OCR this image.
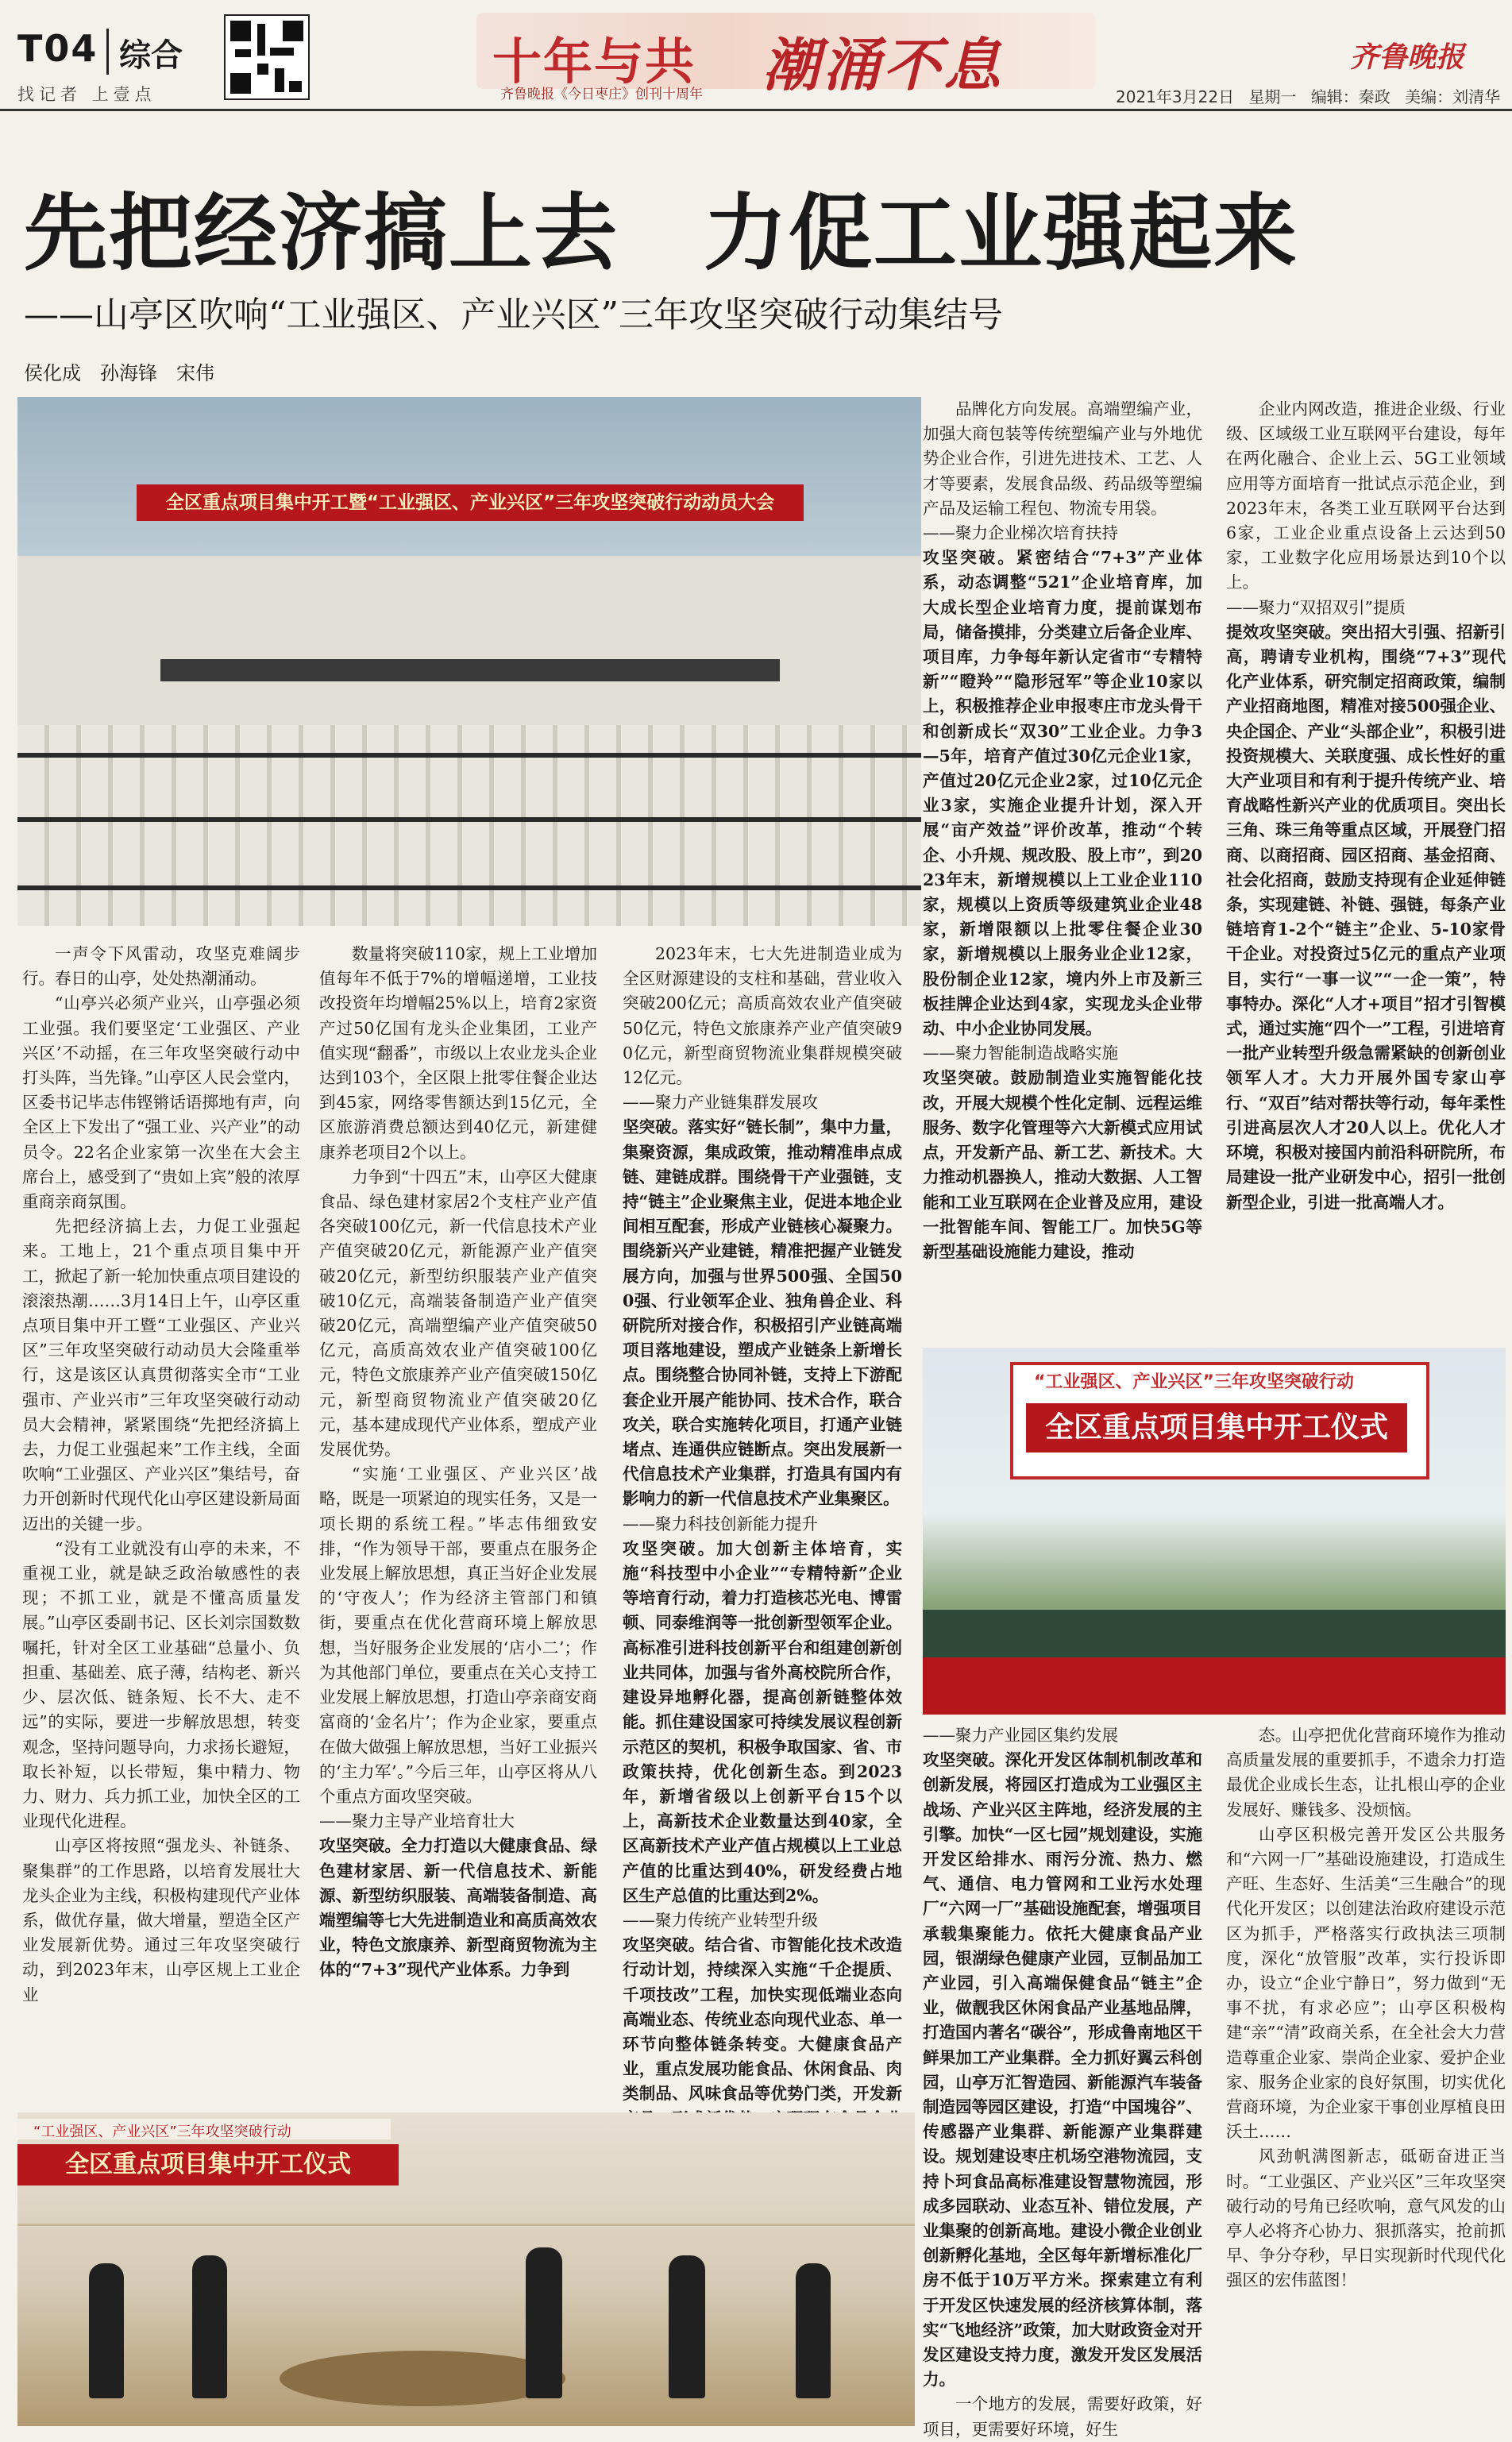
T04 综合
找记者 上壹点
十年与共 潮涌不息
齐鲁晚报《今日枣庄》创刊十周年
齐鲁晚报
2021年3月22日 星期一 编辑：秦政 美编：刘清华
先把经济搞上去　力促工业强起来
——山亭区吹响“工业强区、产业兴区”三年攻坚突破行动集结号
侯化成　孙海锋　宋伟
全区重点项目集中开工暨“工业强区、产业兴区”三年攻坚突破行动动员大会

一声令下风雷动，攻坚克难阔步行。春日的山亭，处处热潮涌动。

“山亭兴必须产业兴，山亭强必须工业强。我们要坚定‘工业强区、产业兴区’不动摇，在三年攻坚突破行动中打头阵，当先锋。”山亭区人民会堂内，区委书记毕志伟铿锵话语掷地有声，向全区上下发出了“强工业、兴产业”的动员令。22名企业家第一次坐在大会主席台上，感受到了“贵如上宾”般的浓厚重商亲商氛围。

先把经济搞上去，力促工业强起来。工地上，21个重点项目集中开工，掀起了新一轮加快重点项目建设的滚滚热潮……3月14日上午，山亭区重点项目集中开工暨“工业强区、产业兴区”三年攻坚突破行动动员大会隆重举行，这是该区认真贯彻落实全市“工业强市、产业兴市”三年攻坚突破行动动员大会精神，紧紧围绕“先把经济搞上去，力促工业强起来”工作主线，全面吹响“工业强区、产业兴区”集结号，奋力开创新时代现代化山亭区建设新局面迈出的关键一步。

“没有工业就没有山亭的未来，不重视工业，就是缺乏政治敏感性的表现；不抓工业，就是不懂高质量发展。”山亭区委副书记、区长刘宗国数数嘱托，针对全区工业基础“总量小、负担重、基础差、底子薄，结构老、新兴少、层次低、链条短、长不大、走不远”的实际，要进一步解放思想，转变观念，坚持问题导向，力求扬长避短，取长补短，以长带短，集中精力、物力、财力、兵力抓工业，加快全区的工业现代化进程。

山亭区将按照“强龙头、补链条、聚集群”的工作思路，以培育发展壮大龙头企业为主线，积极构建现代产业体系，做优存量，做大增量，塑造全区产业发展新优势。通过三年攻坚突破行动，到2023年末，山亭区规上工业企业

数量将突破110家，规上工业增加值每年不低于7%的增幅递增，工业技改投资年均增幅25%以上，培育2家资产过50亿国有龙头企业集团，工业产值实现“翻番”，市级以上农业龙头企业达到103个，全区限上批零住餐企业达到45家，网络零售额达到15亿元，全区旅游消费总额达到40亿元，新建健康养老项目2个以上。

力争到“十四五”末，山亭区大健康食品、绿色建材家居2个支柱产业产值各突破100亿元，新一代信息技术产业产值突破20亿元，新能源产业产值突破20亿元，新型纺织服装产业产值突破10亿元，高端装备制造产业产值突破20亿元，高端塑编产业产值突破50亿元，高质高效农业产值突破100亿元，特色文旅康养产业产值突破150亿元，新型商贸物流业产值突破20亿元，基本建成现代产业体系，塑成产业发展优势。

“实施‘工业强区、产业兴区’战略，既是一项紧迫的现实任务，又是一项长期的系统工程。”毕志伟细致安排，“作为领导干部，要重点在服务企业发展上解放思想，真正当好企业发展的‘守夜人’；作为经济主管部门和镇街，要重点在优化营商环境上解放思想，当好服务企业发展的‘店小二’；作为其他部门单位，要重点在关心支持工业发展上解放思想，打造山亭亲商安商富商的‘金名片’；作为企业家，要重点在做大做强上解放思想，当好工业振兴的‘主力军’。”今后三年，山亭区将从八个重点方面攻坚突破。

——聚力主导产业培育壮大

攻坚突破。全力打造以大健康食品、绿色建材家居、新一代信息技术、新能源、新型纺织服装、高端装备制造、高端塑编等七大先进制造业和高质高效农业，特色文旅康养、新型商贸物流为主体的“7+3”现代产业体系。力争到

2023年末，七大先进制造业成为全区财源建设的支柱和基础，营业收入突破200亿元；高质高效农业产值突破50亿元，特色文旅康养产业产值突破90亿元，新型商贸物流业集群规模突破12亿元。

——聚力产业链集群发展攻

坚突破。落实好“链长制”，集中力量，集聚资源，集成政策，推动精准串点成链、建链成群。围绕骨干产业强链，支持“链主”企业聚焦主业，促进本地企业间相互配套，形成产业链核心凝聚力。围绕新兴产业建链，精准把握产业链发展方向，加强与世界500强、全国500强、行业领军企业、独角兽企业、科研院所对接合作，积极招引产业链高端项目落地建设，塑成产业链条上新增长点。围绕整合协同补链，支持上下游配套企业开展产能协同、技术合作，联合攻关，联合实施转化项目，打通产业链堵点、连通供应链断点。突出发展新一代信息技术产业集群，打造具有国内有影响力的新一代信息技术产业集聚区。

——聚力科技创新能力提升

攻坚突破。加大创新主体培育，实施“科技型中小企业”“专精特新”企业等培育行动，着力打造核芯光电、博雷顿、同泰维润等一批创新型领军企业。高标准引进科技创新平台和组建创新创业共同体，加强与省外高校院所合作，建设异地孵化器，提高创新链整体效能。抓住建设国家可持续发展议程创新示范区的契机，积极争取国家、省、市政策扶持，优化创新生态。到2023年，新增省级以上创新平台15个以上，高新技术企业数量达到40家，全区高新技术产业产值占规模以上工业总产值的比重达到40%，研发经费占地区生产总值的比重达到2%。

——聚力传统产业转型升级

攻坚突破。结合省、市智能化技术改造行动计划，持续深入实施“千企提质、千项技改”工程，加快实现低端业态向高端业态、传统业态向现代业态、单一环节向整体链条转变。大健康食品产业，重点发展功能食品、休闲食品、肉类制品、风味食品等优势门类，开发新

品牌化方向发展。高端塑编产业，加强大商包装等传统塑编产业与外地优势企业合作，引进先进技术、工艺、人才等要素，发展食品级、药品级等塑编产品及运输工程包、物流专用袋。

——聚力企业梯次培育扶持

攻坚突破。紧密结合“7+3”产业体系，动态调整“521”企业培育库，加大成长型企业培育力度，提前谋划布局，储备摸排，分类建立后备企业库、项目库，力争每年新认定省市“专精特新”“瞪羚”“隐形冠军”等企业10家以上，积极推荐企业申报枣庄市龙头骨干和创新成长“双30”工业企业。力争3—5年，培育产值过30亿元企业1家，产值过20亿元企业2家，过10亿元企业3家，实施企业提升计划，深入开展“亩产效益”评价改革，推动“个转企、小升规、规改股、股上市”，到2023年末，新增规模以上工业企业110家，规模以上资质等级建筑业企业48家，新增限额以上批零住餐企业30家，新增规模以上服务业企业12家，股份制企业12家，境内外上市及新三板挂牌企业达到4家，实现龙头企业带动、中小企业协同发展。

——聚力智能制造战略实施

攻坚突破。鼓励制造业实施智能化技改，开展大规模个性化定制、远程运维服务、数字化管理等六大新模式应用试点，开发新产品、新工艺、新技术。大力推动机器换人，推动大数据、人工智能和工业互联网在企业普及应用，建设一批智能车间、智能工厂。加快5G等新型基础设施能力建设，推动

企业内网改造，推进企业级、行业级、区域级工业互联网平台建设，每年在两化融合、企业上云、5G工业领域应用等方面培育一批试点示范企业，到2023年末，各类工业互联网平台达到6家，工业企业重点设备上云达到50家，工业数字化应用场景达到10个以上。

——聚力“双招双引”提质

提效攻坚突破。突出招大引强、招新引高，聘请专业机构，围绕“7+3”现代化产业体系，研究制定招商政策，编制产业招商地图，精准对接500强企业、央企国企、产业“头部企业”，积极引进投资规模大、关联度强、成长性好的重大产业项目和有利于提升传统产业、培育战略性新兴产业的优质项目。突出长三角、珠三角等重点区域，开展登门招商、以商招商、园区招商、基金招商、社会化招商，鼓励支持现有企业延伸链条，实现建链、补链、强链，每条产业链培育1-2个“链主”企业、5-10家骨干企业。对投资过5亿元的重点产业项目，实行“一事一议”“一企一策”，特事特办。深化“人才+项目”招才引智模式，通过实施“四个一”工程，引进培育一批产业转型升级急需紧缺的创新创业领军人才。大力开展外国专家山亭行、“双百”结对帮扶等行动，每年柔性引进高层次人才20人以上。优化人才环境，积极对接国内前沿科研院所，布局建设一批产业研发中心，招引一批创新型企业，引进一批高端人才。

“工业强区、产业兴区”三年攻坚突破行动
全区重点项目集中开工仪式

——聚力产业园区集约发展

攻坚突破。深化开发区体制机制改革和创新发展，将园区打造成为工业强区主战场、产业兴区主阵地，经济发展的主引擎。加快“一区七园”规划建设，实施开发区给排水、雨污分流、热力、燃气、通信、电力管网和工业污水处理厂“六网一厂”基础设施配套，增强项目承载集聚能力。依托大健康食品产业园，银湖绿色健康产业园，豆制品加工产业园，引入高端保健食品“链主”企业，做靓我区休闲食品产业基地品牌，打造国内著名“碳谷”，形成鲁南地区干鲜果加工产业集群。全力抓好翼云科创园，山亭万汇智造园、新能源汽车装备制造园等园区建设，打造“中国塊谷”、传感器产业集群、新能源产业集群建设。规划建设枣庄机场空港物流园，支持卜珂食品高标准建设智慧物流园，形成多园联动、业态互补、错位发展，产业集聚的创新高地。建设小微企业创业创新孵化基地，全区每年新增标准化厂房不低于10万平方米。探索建立有利于开发区快速发展的经济核算体制，落实“飞地经济”政策，加大财政资金对开发区建设支持力度，激发开发区发展活力。

一个地方的发展，需要好政策，好项目，更需要好环境，好生

态。山亭把优化营商环境作为推动高质量发展的重要抓手，不遗余力打造最优企业成长生态，让扎根山亭的企业发展好、赚钱多、没烦恼。

山亭区积极完善开发区公共服务和“六网一厂”基础设施建设，打造成生产旺、生态好、生活美“三生融合”的现代化开发区；以创建法治政府建设示范区为抓手，严格落实行政执法三项制度，深化“放管服”改革，实行投诉即办，设立“企业宁静日”，努力做到“无事不扰，有求必应”；山亭区积极构建“亲”“清”政商关系，在全社会大力营造尊重企业家、崇尚企业家、爱护企业家、服务企业家的良好氛围，切实优化营商环境，为企业家干事创业厚植良田沃土……

风劲帆满图新志，砥砺奋进正当时。“工业强区、产业兴区”三年攻坚突破行动的号角已经吹响，意气风发的山亭人必将齐心协力、狠抓落实，抢前抓早、争分夺秒，早日实现新时代现代化强区的宏伟蓝图！

“工业强区、产业兴区”三年攻坚突破行动
全区重点项目集中开工仪式
